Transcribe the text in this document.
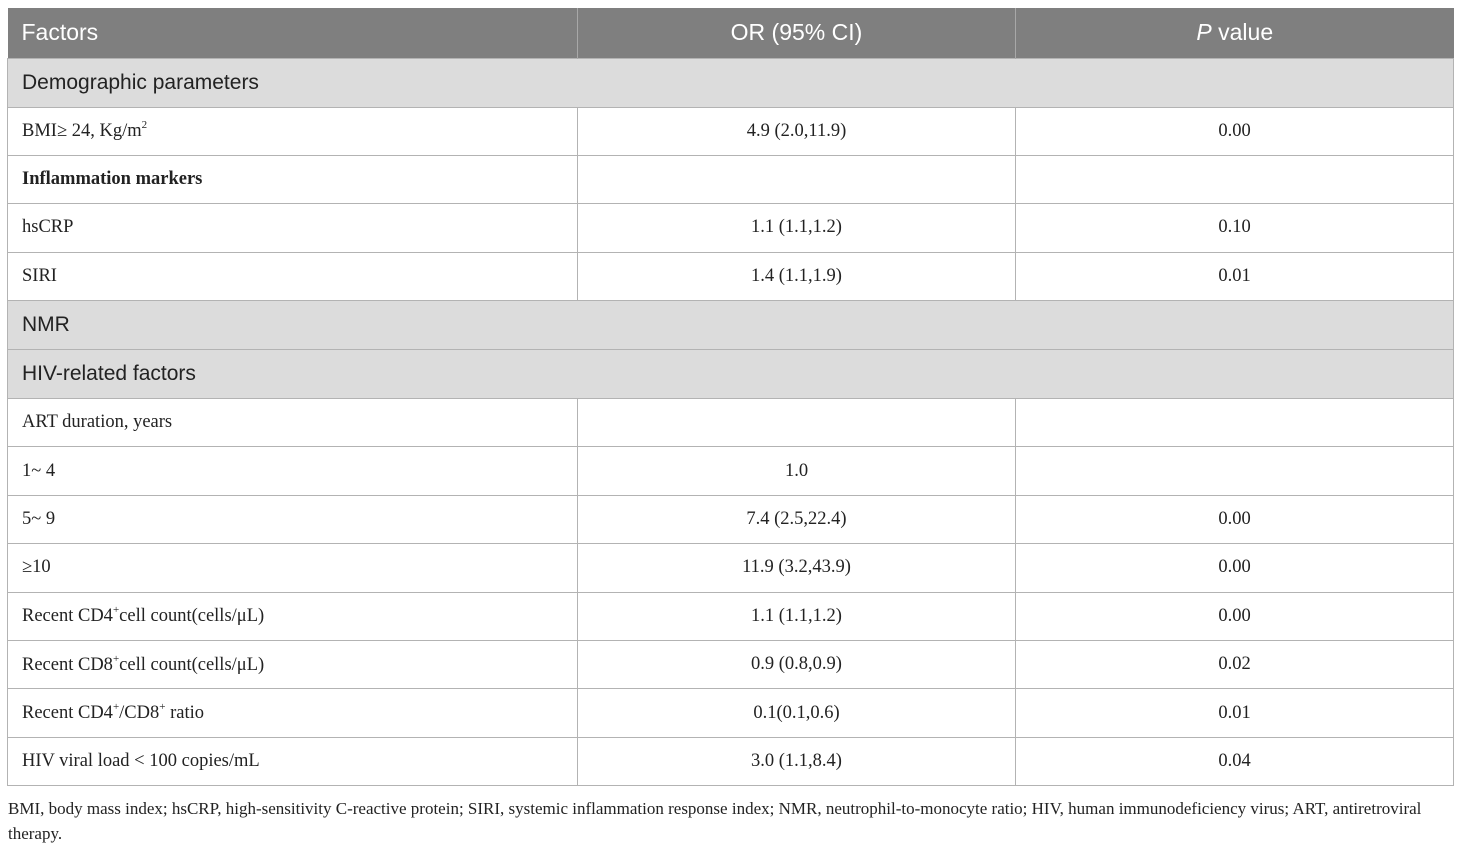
Factors	OR (95% CI)	P value
Demographic parameters		
BMI≥ 24, $Kg/m^2$	4.9 (2.0,11.9)	0.00
Inflammation markers		
hsCRP	1.1 (1.1,1.2)	0.10
SIRI	1.4 (1.1,1.9)	0.01
NMR		
HIV-related factors		
ART duration, years		
1~ 4	1.0	
5~ 9	7.4 (2.5,22.4)	0.00
≥10	11.9 (3.2,43.9)	0.00
Recent CD4+cell count(cells/μL)	1.1 (1.1,1.2)	0.00
Recent CD8+cell count(cells/μL)	0.9 (0.8,0.9)	0.02
Recent CD4+/CD8+ ratio	0.1(0.1,0.6)	0.01
HIV viral load < 100 copies/mL	3.0 (1.1,8.4)	0.04
BMI, body mass index; hsCRP, high-sensitivity C-reactive protein; SIRI, systemic inflammation response index; NMR, neutrophil-to-monocyte ratio; HIV, human immunodeficiency virus; ART, antiretroviral therapy.
